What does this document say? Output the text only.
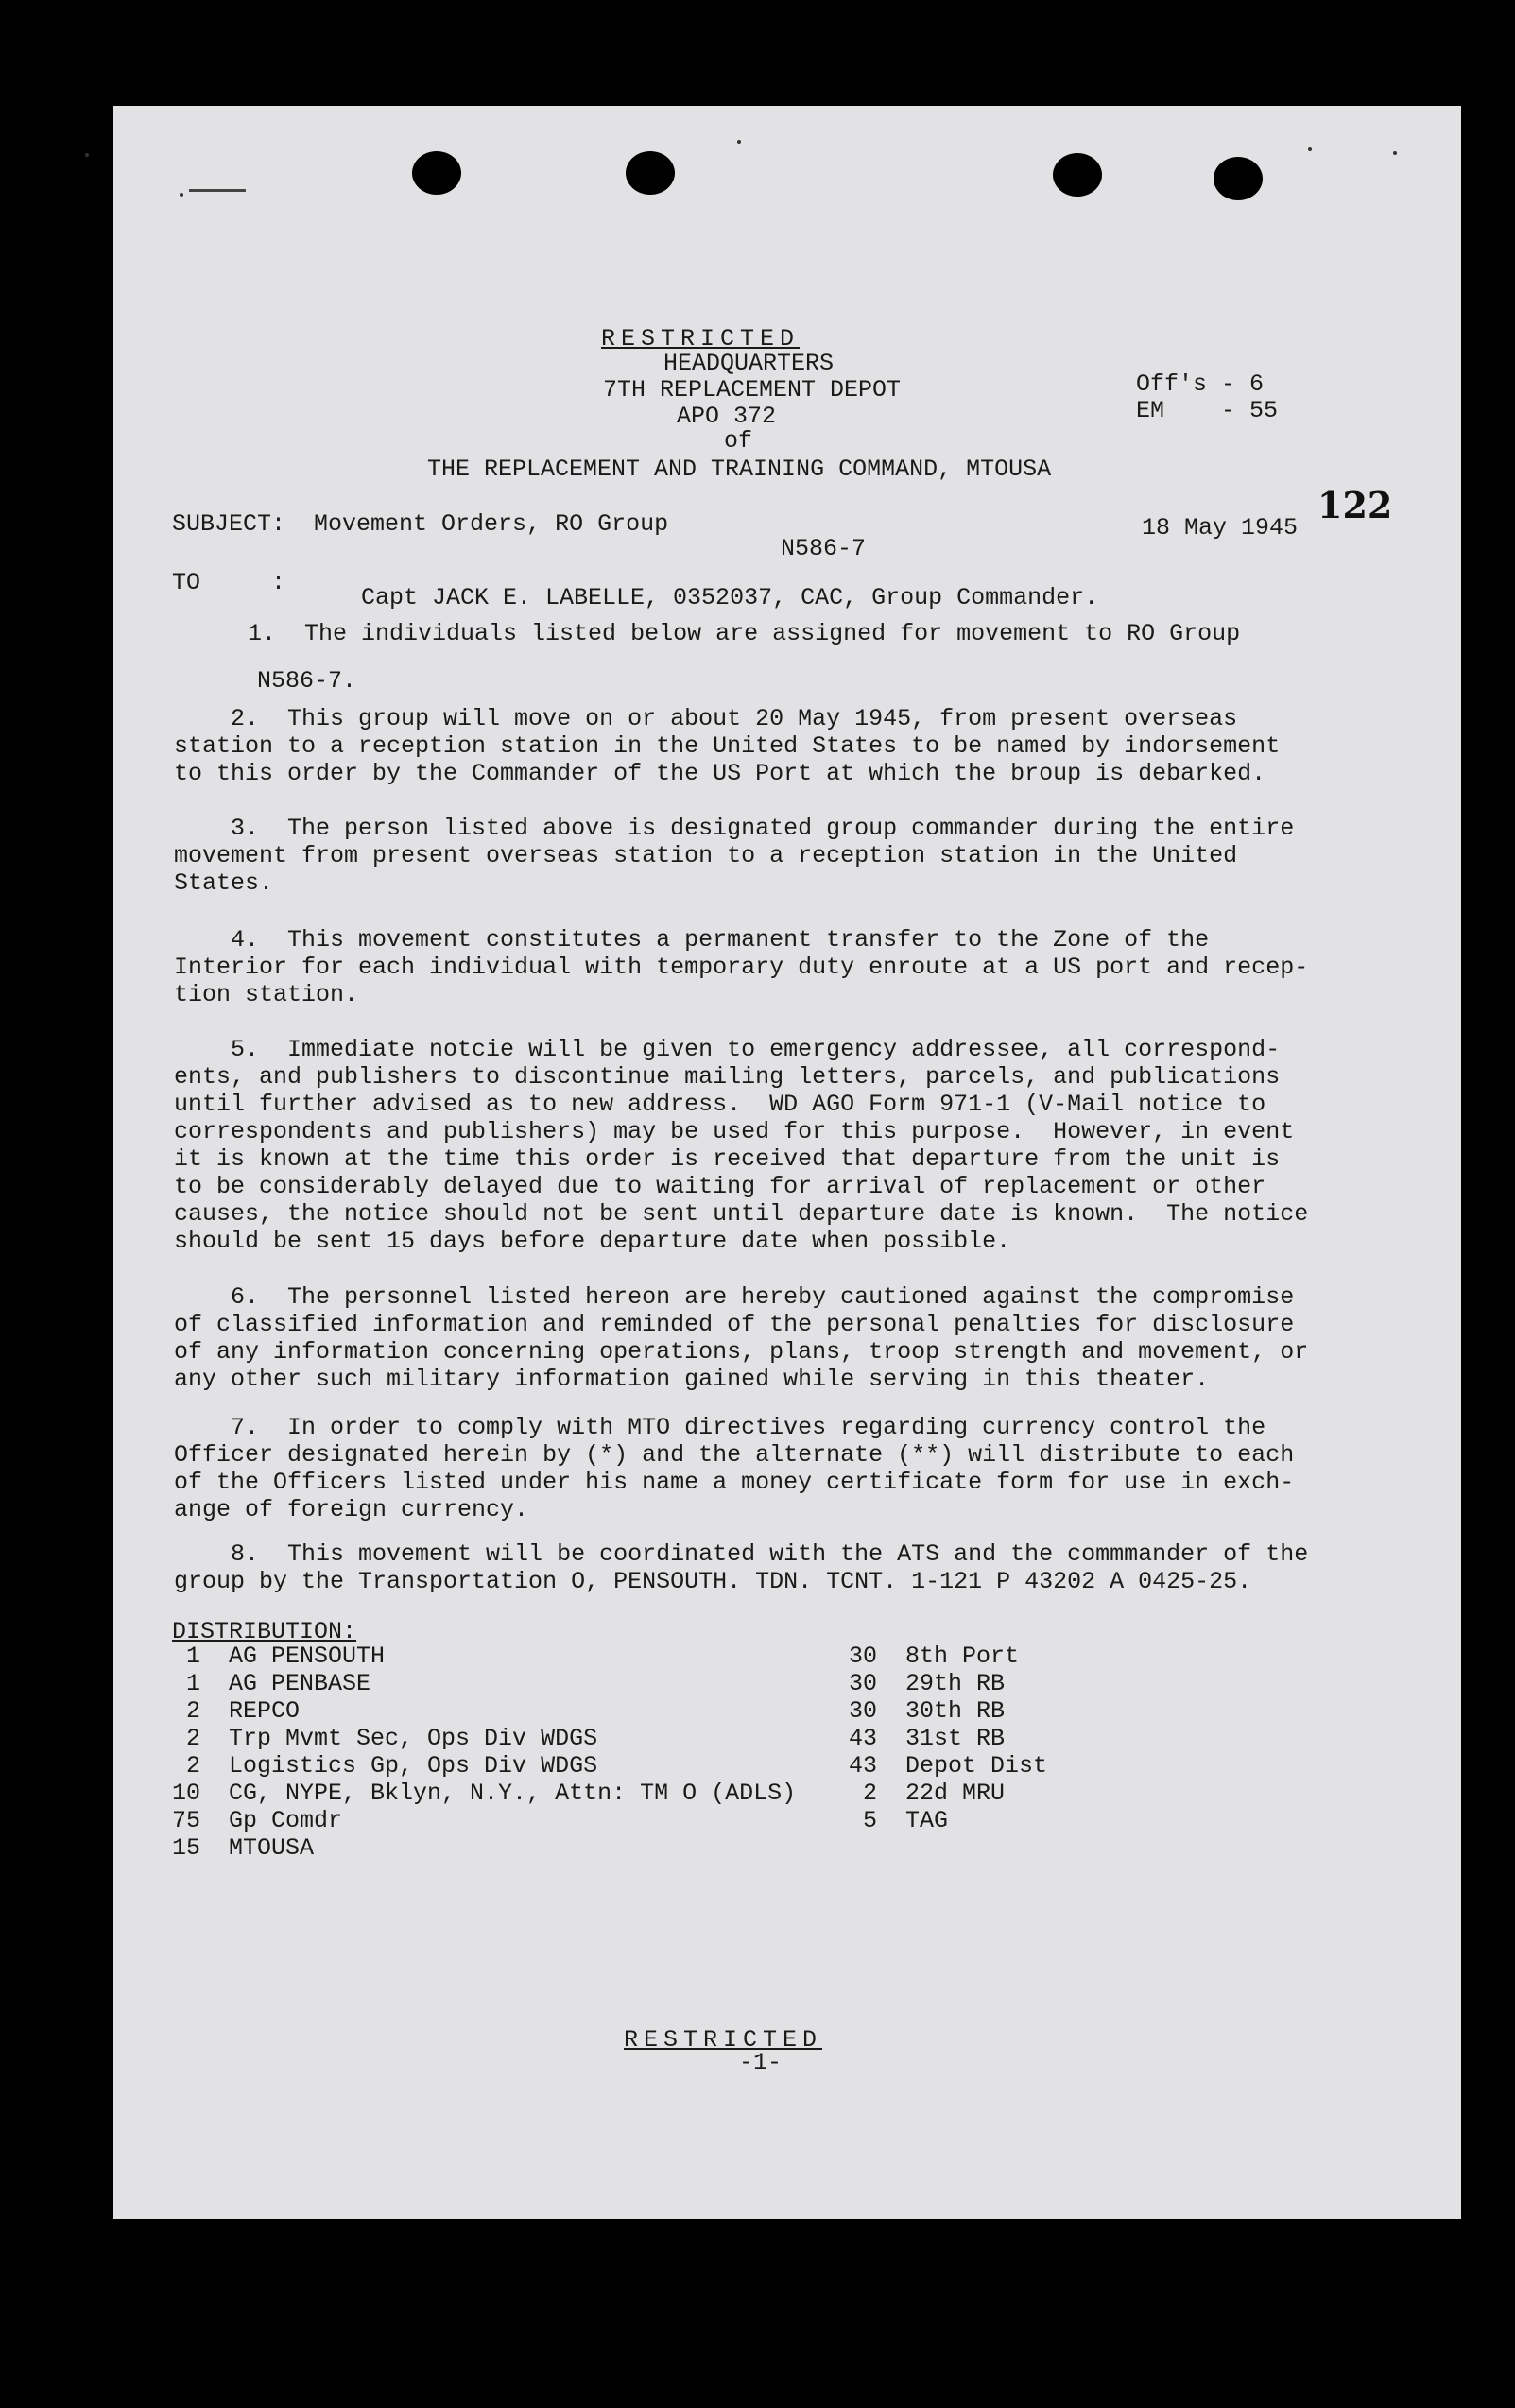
RESTRICTED
HEADQUARTERS
7TH REPLACEMENT DEPOT
APO 372
of
THE REPLACEMENT AND TRAINING COMMAND, MTOUSA
Off's - 6
EM    - 55
122
SUBJECT:  Movement Orders, RO Group	18 May 1945
N586-7
TO     :
Capt JACK E. LABELLE, 0352037, CAC, Group Commander.
1.  The individuals listed below are assigned for movement to RO Group
N586-7.
2.  This group will move on or about 20 May 1945, from present overseas
station to a reception station in the United States to be named by indorsement
to this order by the Commander of the US Port at which the broup is debarked.
3.  The person listed above is designated group commander during the entire
movement from present overseas station to a reception station in the United
States.
4.  This movement constitutes a permanent transfer to the Zone of the
Interior for each individual with temporary duty enroute at a US port and recep-
tion station.
5.  Immediate notcie will be given to emergency addressee, all correspond-
ents, and publishers to discontinue mailing letters, parcels, and publications
until further advised as to new address.  WD AGO Form 971-1 (V-Mail notice to
correspondents and publishers) may be used for this purpose.  However, in event
it is known at the time this order is received that departure from the unit is
to be considerably delayed due to waiting for arrival of replacement or other
causes, the notice should not be sent until departure date is known.  The notice
should be sent 15 days before departure date when possible.
6.  The personnel listed hereon are hereby cautioned against the compromise
of classified information and reminded of the personal penalties for disclosure
of any information concerning operations, plans, troop strength and movement, or
any other such military information gained while serving in this theater.
7.  In order to comply with MTO directives regarding currency control the
Officer designated herein by (*) and the alternate (**) will distribute to each
of the Officers listed under his name a money certificate form for use in exch-
ange of foreign currency.
8.  This movement will be coordinated with the ATS and the commmander of the
group by the Transportation O, PENSOUTH. TDN. TCNT. 1-121 P 43202 A 0425-25.
DISTRIBUTION:
1  AG PENSOUTH
1  AG PENBASE
2  REPCO
2  Trp Mvmt Sec, Ops Div WDGS
2  Logistics Gp, Ops Div WDGS
10  CG, NYPE, Bklyn, N.Y., Attn: TM O (ADLS)
75  Gp Comdr
15  MTOUSA
30  8th Port
30  29th RB
30  30th RB
43  31st RB
43  Depot Dist
2  22d MRU
5  TAG
RESTRICTED
-1-
